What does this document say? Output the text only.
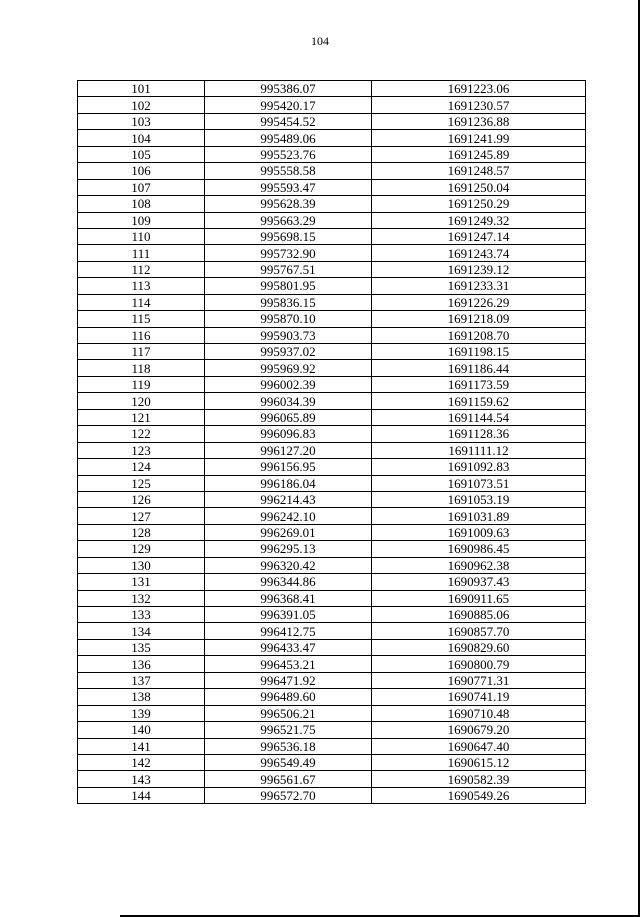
104
101	995386.07	1691223.06
102	995420.17	1691230.57
103	995454.52	1691236.88
104	995489.06	1691241.99
105	995523.76	1691245.89
106	995558.58	1691248.57
107	995593.47	1691250.04
108	995628.39	1691250.29
109	995663.29	1691249.32
110	995698.15	1691247.14
111	995732.90	1691243.74
112	995767.51	1691239.12
113	995801.95	1691233.31
114	995836.15	1691226.29
115	995870.10	1691218.09
116	995903.73	1691208.70
117	995937.02	1691198.15
118	995969.92	1691186.44
119	996002.39	1691173.59
120	996034.39	1691159.62
121	996065.89	1691144.54
122	996096.83	1691128.36
123	996127.20	1691111.12
124	996156.95	1691092.83
125	996186.04	1691073.51
126	996214.43	1691053.19
127	996242.10	1691031.89
128	996269.01	1691009.63
129	996295.13	1690986.45
130	996320.42	1690962.38
131	996344.86	1690937.43
132	996368.41	1690911.65
133	996391.05	1690885.06
134	996412.75	1690857.70
135	996433.47	1690829.60
136	996453.21	1690800.79
137	996471.92	1690771.31
138	996489.60	1690741.19
139	996506.21	1690710.48
140	996521.75	1690679.20
141	996536.18	1690647.40
142	996549.49	1690615.12
143	996561.67	1690582.39
144	996572.70	1690549.26
